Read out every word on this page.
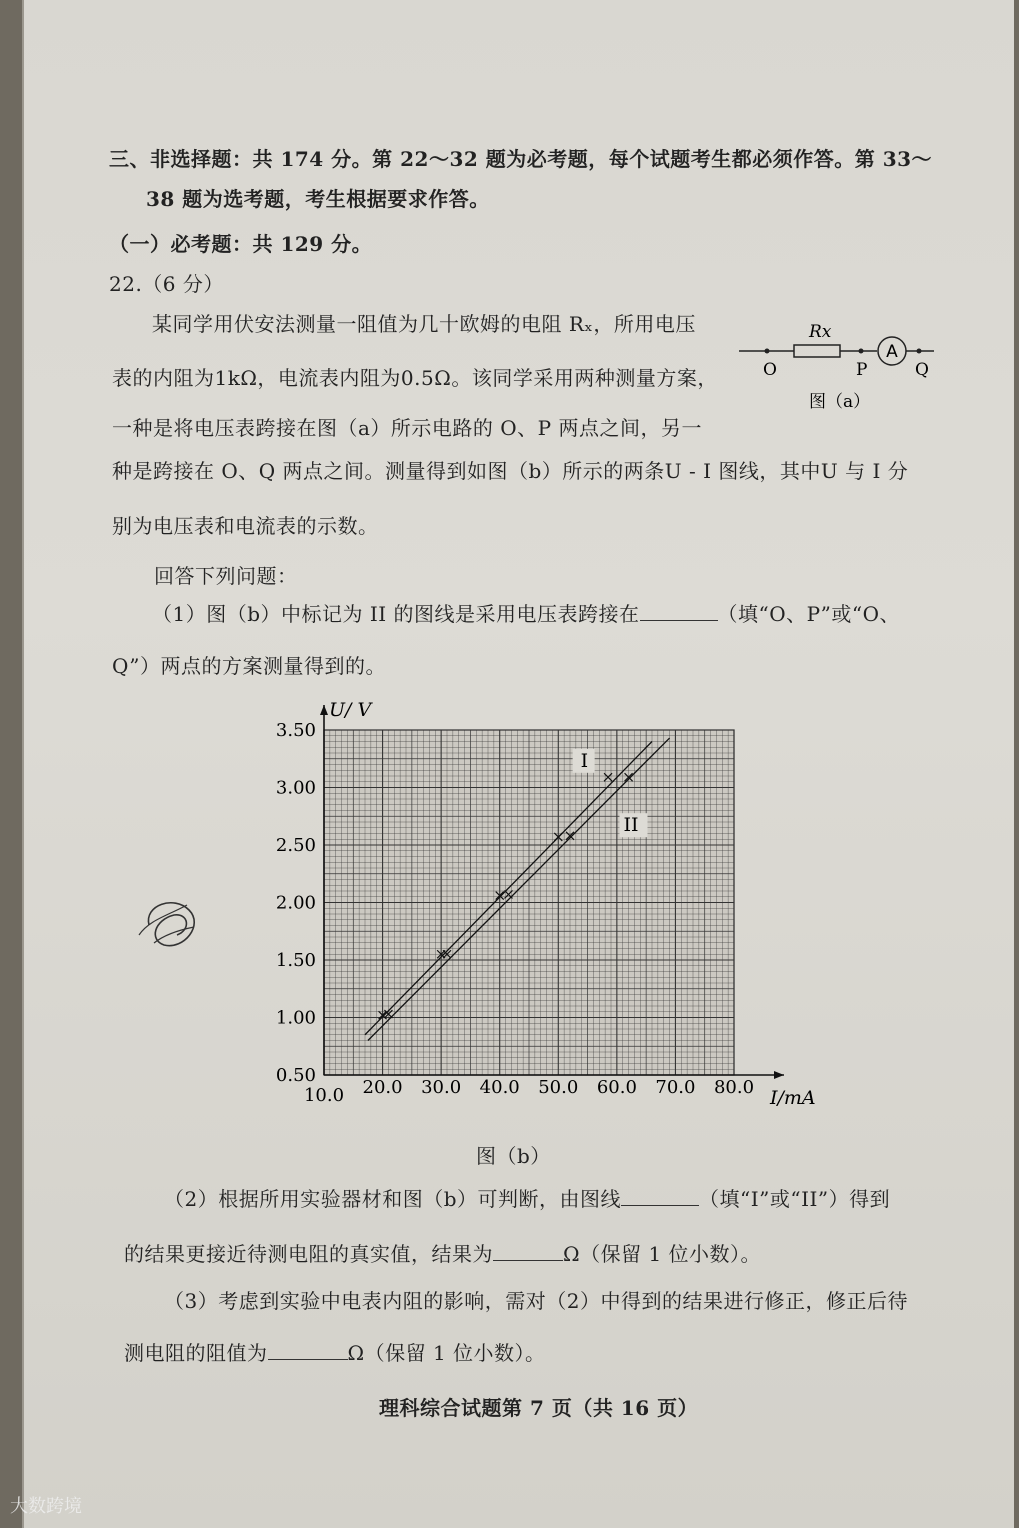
三、非选择题：共 174 分。第 22～32 题为必考题，每个试题考生都必须作答。第 33～
38 题为选考题，考生根据要求作答。
（一）必考题：共 129 分。
22.（6 分）
某同学用伏安法测量一阻值为几十欧姆的电阻 Rₓ，所用电压
表的内阻为1kΩ，电流表内阻为0.5Ω。该同学采用两种测量方案，
一种是将电压表跨接在图（a）所示电路的 O、P 两点之间，另一
种是跨接在 O、Q 两点之间。测量得到如图（b）所示的两条U - I 图线，其中U 与 I 分
别为电压表和电流表的示数。
回答下列问题：
（1）图（b）中标记为 II 的图线是采用电压表跨接在	（填“O、P”或“O、
Q”）两点的方案测量得到的。
A
Rx
O	P	Q
图（a）
10.0 20.0 30.0 40.0 50.0 60.0 70.0 80.0
0.50
1.00
1.50
2.00
2.50
3.00
3.50
I
II
U/ V
I/mA
图（b）
（2）根据所用实验器材和图（b）可判断，由图线	（填“I”或“II”）得到
的结果更接近待测电阻的真实值，结果为	Ω（保留 1 位小数）。
（3）考虑到实验中电表内阻的影响，需对（2）中得到的结果进行修正，修正后待
测电阻的阻值为	Ω（保留 1 位小数）。
理科综合试题第 7 页（共 16 页）
大数跨境
